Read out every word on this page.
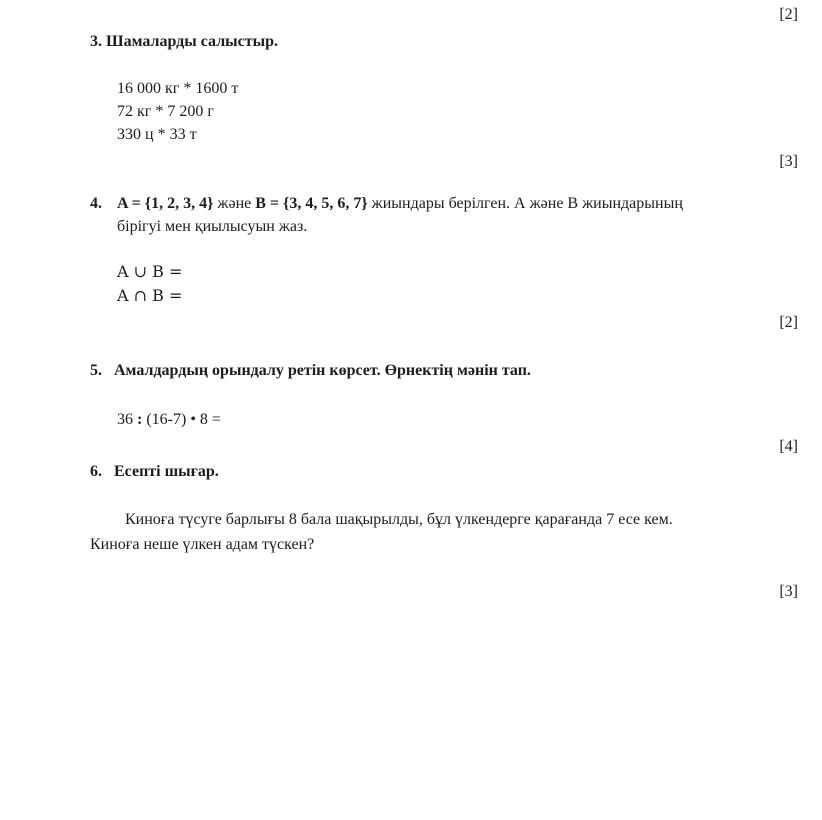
[2]
3. Шамаларды салыстыр.
16 000 кг * 1600 т
72 кг * 7 200 г
330 ц * 33 т
[3]
4. A = {1, 2, 3, 4} және B = {3, 4, 5, 6, 7} жиындары берілген. А және В жиындарының
бірігуі мен қиылысуын жаз.
A ∪ B =
A ∩ B =
[2]
5. Амалдардың орындалу ретін көрсет. Өрнектің мәнін тап.
36 : (16-7) • 8 =
[4]
6. Есепті шығар.
Киноға түсуге барлығы 8 бала шақырылды, бұл үлкендерге қарағанда 7 есе кем.
Киноға неше үлкен адам түскен?
[3]
